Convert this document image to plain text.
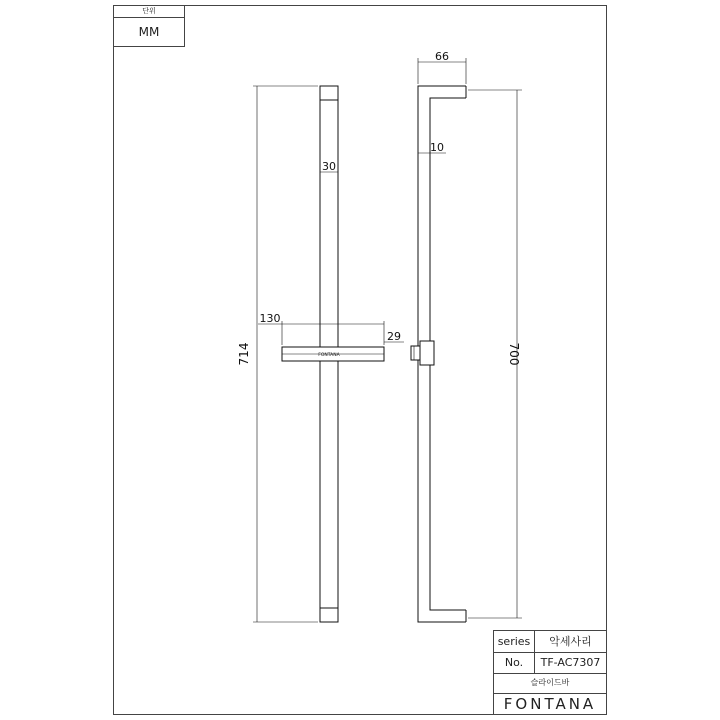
단위
MM
714
30
130
29
66
10
700
FONTANA
series	악세사리
No.	TF-AC7307
슬라이드바
FONTANA
